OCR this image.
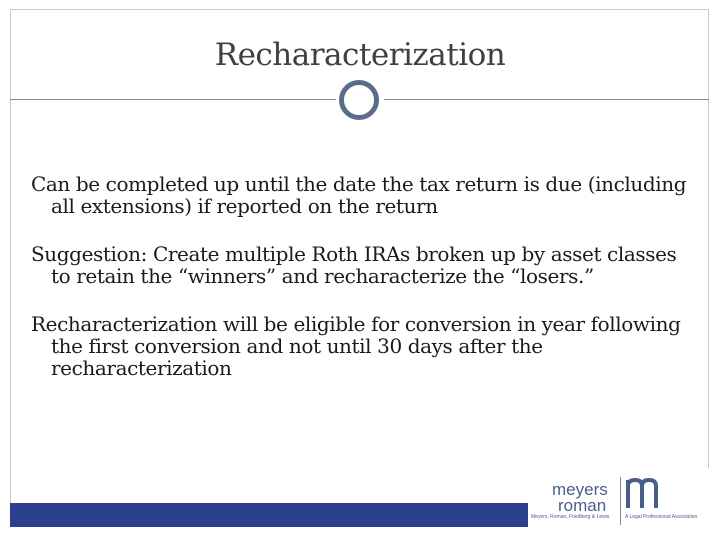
Recharacterization

Can be completed up until the date the tax return is due (including all extensions) if reported on the return

Suggestion: Create multiple Roth IRAs broken up by asset classes to retain the “winners” and recharacterize the “losers.”

Recharacterization will be eligible for conversion in year following the first conversion and not until 30 days after the recharacterization

meyers
roman
Meyers, Roman, Friedberg & Lewis	A Legal Professional Association
